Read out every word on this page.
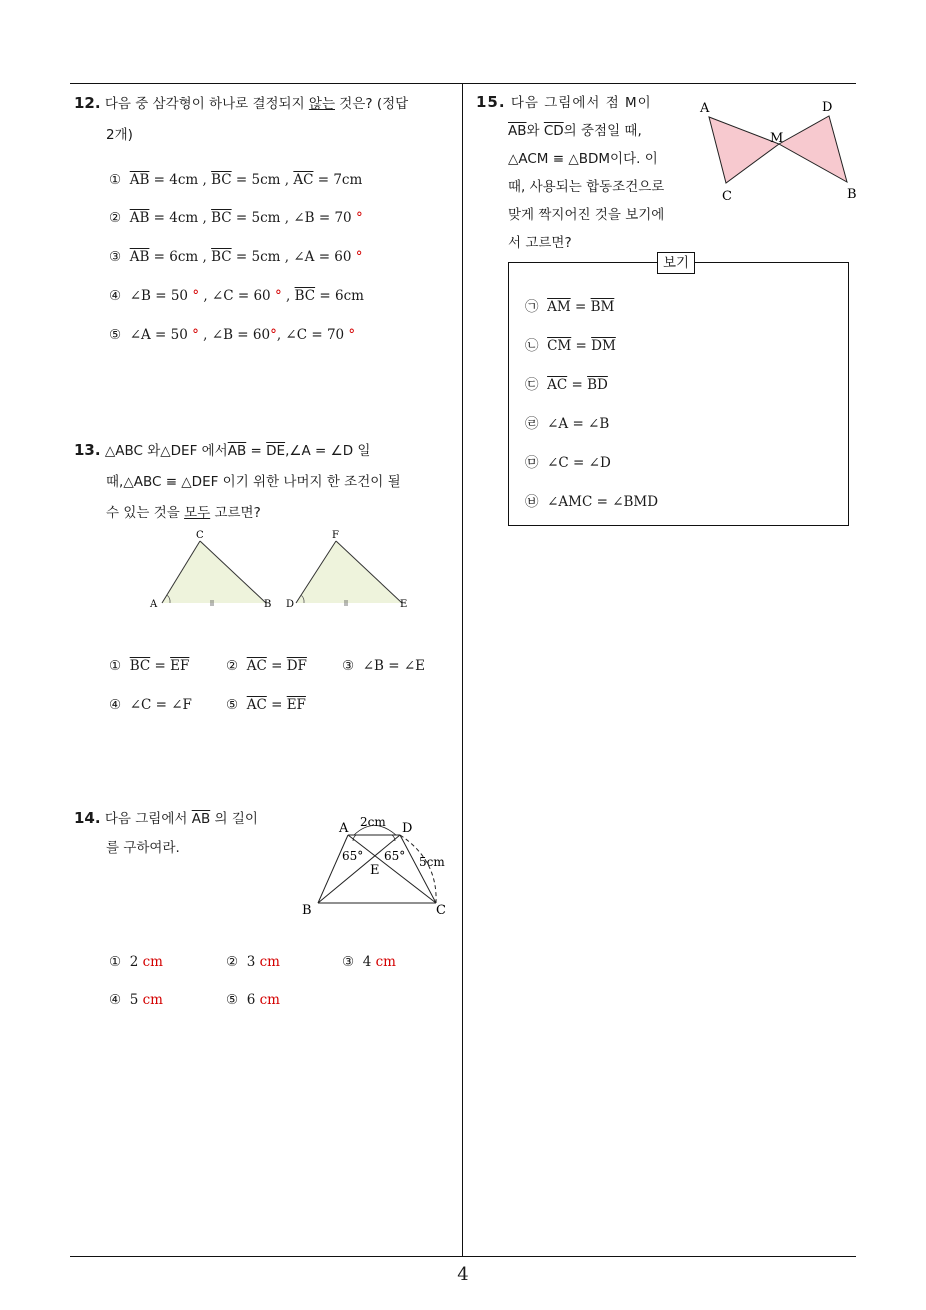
4
12. 다음 중 삼각형이 하나로 결정되지 않는 것은? (정답
2개)
① $\overline{AB} = 4cm$ , $\overline{BC} = 5cm$ , $\overline{AC} = 7cm$
② $\overline{AB} = 4cm$ , $\overline{BC} = 5cm$ , ∠B = 70 °
③ $\overline{AB} = 6cm$ , $\overline{BC} = 5cm$ , ∠A = 60 °
④ ∠B = 50 ° , ∠C = 60 ° , $\overline{BC} = 6cm$
⑤ ∠A = 50 ° , ∠B = 60°, ∠C = 70 °
13. △ABC 와△DEF 에서$\overline{AB}$ = $\overline{DE},\angle A$ = ∠D 일
때,△ABC ≡ △DEF 이기 위한 나머지 한 조건이 될
수 있는 것을 모두 고르면?
C
A	B
F
D	E
① $\overline{BC} = \overline{EF}$	② $\overline{AC} = \overline{DF}$	③ ∠B = ∠E
④ ∠C = ∠F	⑤ $\overline{AC} = \overline{EF}$
14. 다음 그림에서 $\overline{AB}$ 의 길이
를 구하여라.
A	D
B	C
E
2cm
5cm
65° 65°
① 2 cm	② 3 cm	③ 4 cm
④ 5 cm	⑤ 6 cm
15. 다음 그림에서 점 M이
$\overline{AB}$와 $\overline{CD}$의 중점일 때,
△ACM ≡ △BDM이다. 이
때, 사용되는 합동조건으로
맞게 짝지어진 것을 보기에
서 고르면?
A	D
M
C	B
보기
㉠ $\overline{AM} = \overline{BM}$
㉡ $\overline{CM} = \overline{DM}$
㉢ $\overline{AC} = \overline{BD}$
㉣ ∠A = ∠B
㉤ ∠C = ∠D
㉥ ∠AMC = ∠BMD
